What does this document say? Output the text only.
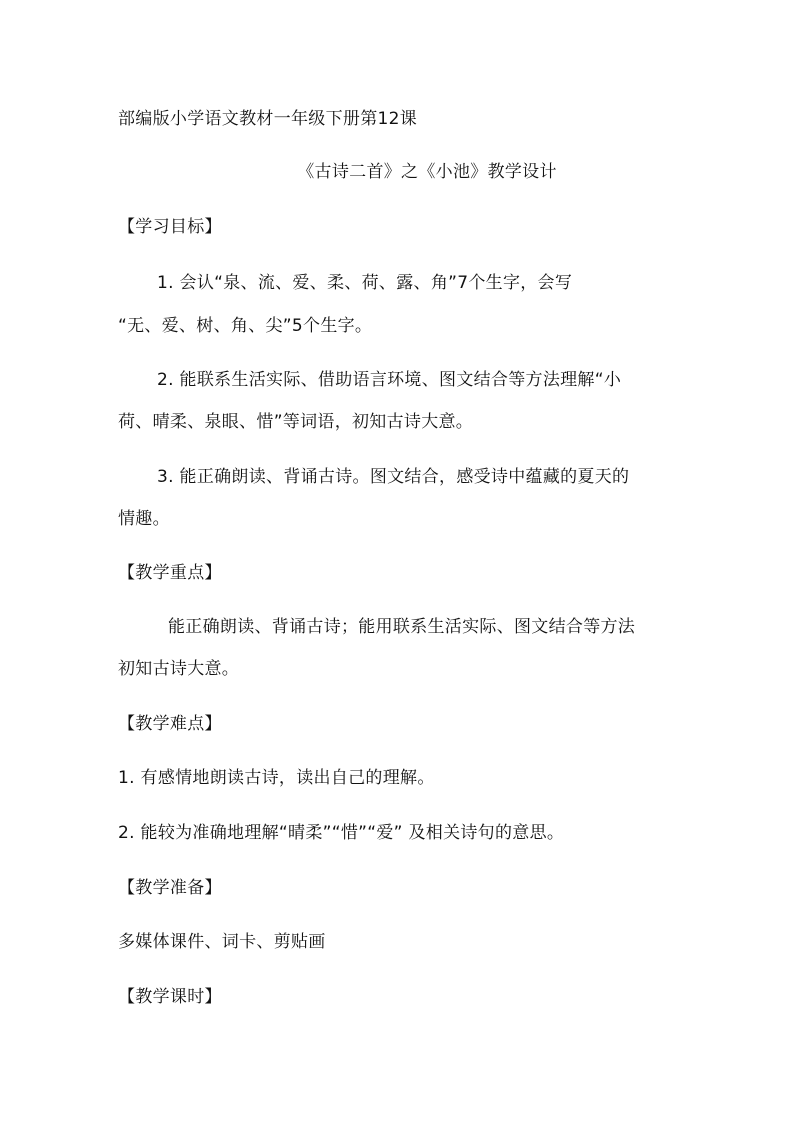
部编版小学语文教材一年级下册第12课
《古诗二首》之《小池》教学设计
【学习目标】
1. 会认“泉、流、爱、柔、荷、露、角”7个生字，会写
“无、爱、树、角、尖”5个生字。
2. 能联系生活实际、借助语言环境、图文结合等方法理解“小
荷、晴柔、泉眼、惜”等词语，初知古诗大意。
3. 能正确朗读、背诵古诗。图文结合，感受诗中蕴藏的夏天的
情趣。
【教学重点】
能正确朗读、背诵古诗；能用联系生活实际、图文结合等方法
初知古诗大意。
【教学难点】
1. 有感情地朗读古诗，读出自己的理解。
2. 能较为准确地理解“晴柔”“惜”“爱” 及相关诗句的意思。
【教学准备】
多媒体课件、词卡、剪贴画
【教学课时】
